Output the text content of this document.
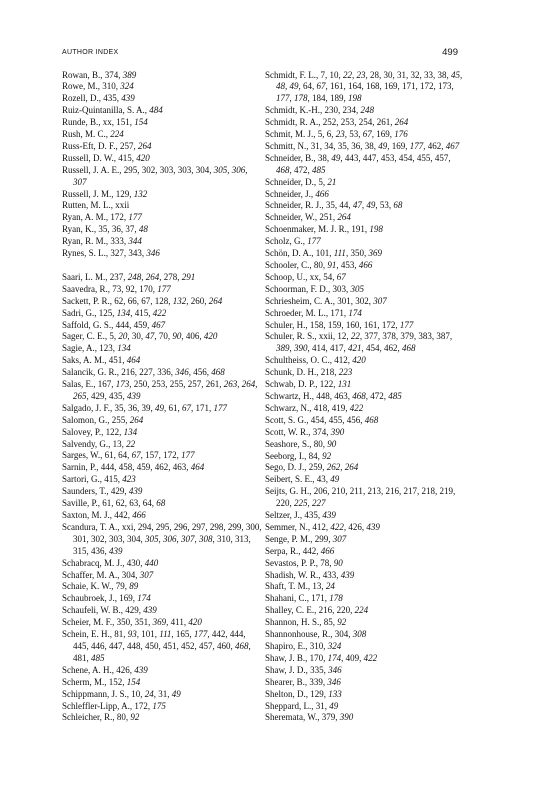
AUTHOR INDEX	499

Rowan, B., 374, 389

Rowe, M., 310, 324

Rozell, D., 435, 439

Ruiz-Quintanilla, S. A., 484

Runde, B., xx, 151, 154

Rush, M. C., 224

Russ-Eft, D. F., 257, 264

Russell, D. W., 415, 420

Russell, J. A. E., 295, 302, 303, 303, 304, 305, 306, 307

Russell, J. M., 129, 132

Rutten, M. L., xxii

Ryan, A. M., 172, 177

Ryan, K., 35, 36, 37, 48

Ryan, R. M., 333, 344

Rynes, S. L., 327, 343, 346

Saari, L. M., 237, 248, 264, 278, 291

Saavedra, R., 73, 92, 170, 177

Sackett, P. R., 62, 66, 67, 128, 132, 260, 264

Sadri, G., 125, 134, 415, 422

Saffold, G. S., 444, 459, 467

Sager, C. E., 5, 20, 30, 47, 70, 90, 406, 420

Sagie, A., 123, 134

Saks, A. M., 451, 464

Salancik, G. R., 216, 227, 336, 346, 456, 468

Salas, E., 167, 173, 250, 253, 255, 257, 261, 263, 264, 265, 429, 435, 439

Salgado, J. F., 35, 36, 39, 49, 61, 67, 171, 177

Salomon, G., 255, 264

Salovey, P., 122, 134

Salvendy, G., 13, 22

Sarges, W., 61, 64, 67, 157, 172, 177

Sarnin, P., 444, 458, 459, 462, 463, 464

Sartori, G., 415, 423

Saunders, T., 429, 439

Saville, P., 61, 62, 63, 64, 68

Saxton, M. J., 442, 466

Scandura, T. A., xxi, 294, 295, 296, 297, 298, 299, 300, 301, 302, 303, 304, 305, 306, 307, 308, 310, 313, 315, 436, 439

Schabracq, M. J., 430, 440

Schaffer, M. A., 304, 307

Schaie, K. W., 79, 89

Schaubroek, J., 169, 174

Schaufeli, W. B., 429, 439

Scheier, M. F., 350, 351, 369, 411, 420

Schein, E. H., 81, 93, 101, 111, 165, 177, 442, 444, 445, 446, 447, 448, 450, 451, 452, 457, 460, 468, 481, 485

Schene, A. H., 426, 439

Scherm, M., 152, 154

Schippmann, J. S., 10, 24, 31, 49

Schleffler-Lipp, A., 172, 175

Schleicher, R., 80, 92

Schmidt, F. L., 7, 10, 22, 23, 28, 30, 31, 32, 33, 38, 45, 48, 49, 64, 67, 161, 164, 168, 169, 171, 172, 173, 177, 178, 184, 189, 198

Schmidt, K.-H., 230, 234, 248

Schmidt, R. A., 252, 253, 254, 261, 264

Schmit, M. J., 5, 6, 23, 53, 67, 169, 176

Schmitt, N., 31, 34, 35, 36, 38, 49, 169, 177, 462, 467

Schneider, B., 38, 49, 443, 447, 453, 454, 455, 457, 468, 472, 485

Schneider, D., 5, 21

Schneider, J., 466

Schneider, R. J., 35, 44, 47, 49, 53, 68

Schneider, W., 251, 264

Schoenmaker, M. J. R., 191, 198

Scholz, G., 177

Schön, D. A., 101, 111, 350, 369

Schooler, C., 80, 91, 453, 466

Schoop, U., xx, 54, 67

Schoorman, F. D., 303, 305

Schriesheim, C. A., 301, 302, 307

Schroeder, M. L., 171, 174

Schuler, H., 158, 159, 160, 161, 172, 177

Schuler, R. S., xxii, 12, 22, 377, 378, 379, 383, 387, 389, 390, 414, 417, 421, 454, 462, 468

Schultheiss, O. C., 412, 420

Schunk, D. H., 218, 223

Schwab, D. P., 122, 131

Schwartz, H., 448, 463, 468, 472, 485

Schwarz, N., 418, 419, 422

Scott, S. G., 454, 455, 456, 468

Scott, W. R., 374, 390

Seashore, S., 80, 90

Seeborg, I., 84, 92

Sego, D. J., 259, 262, 264

Seibert, S. E., 43, 49

Seijts, G. H., 206, 210, 211, 213, 216, 217, 218, 219, 220, 225, 227

Seltzer, J., 435, 439

Semmer, N., 412, 422, 426, 439

Senge, P. M., 299, 307

Serpa, R., 442, 466

Sevastos, P. P., 78, 90

Shadish, W. R., 433, 439

Shaft, T. M., 13, 24

Shahani, C., 171, 178

Shalley, C. E., 216, 220, 224

Shannon, H. S., 85, 92

Shannonhouse, R., 304, 308

Shapiro, E., 310, 324

Shaw, J. B., 170, 174, 409, 422

Shaw, J. D., 335, 346

Shearer, B., 339, 346

Shelton, D., 129, 133

Sheppard, L., 31, 49

Sheremata, W., 379, 390
